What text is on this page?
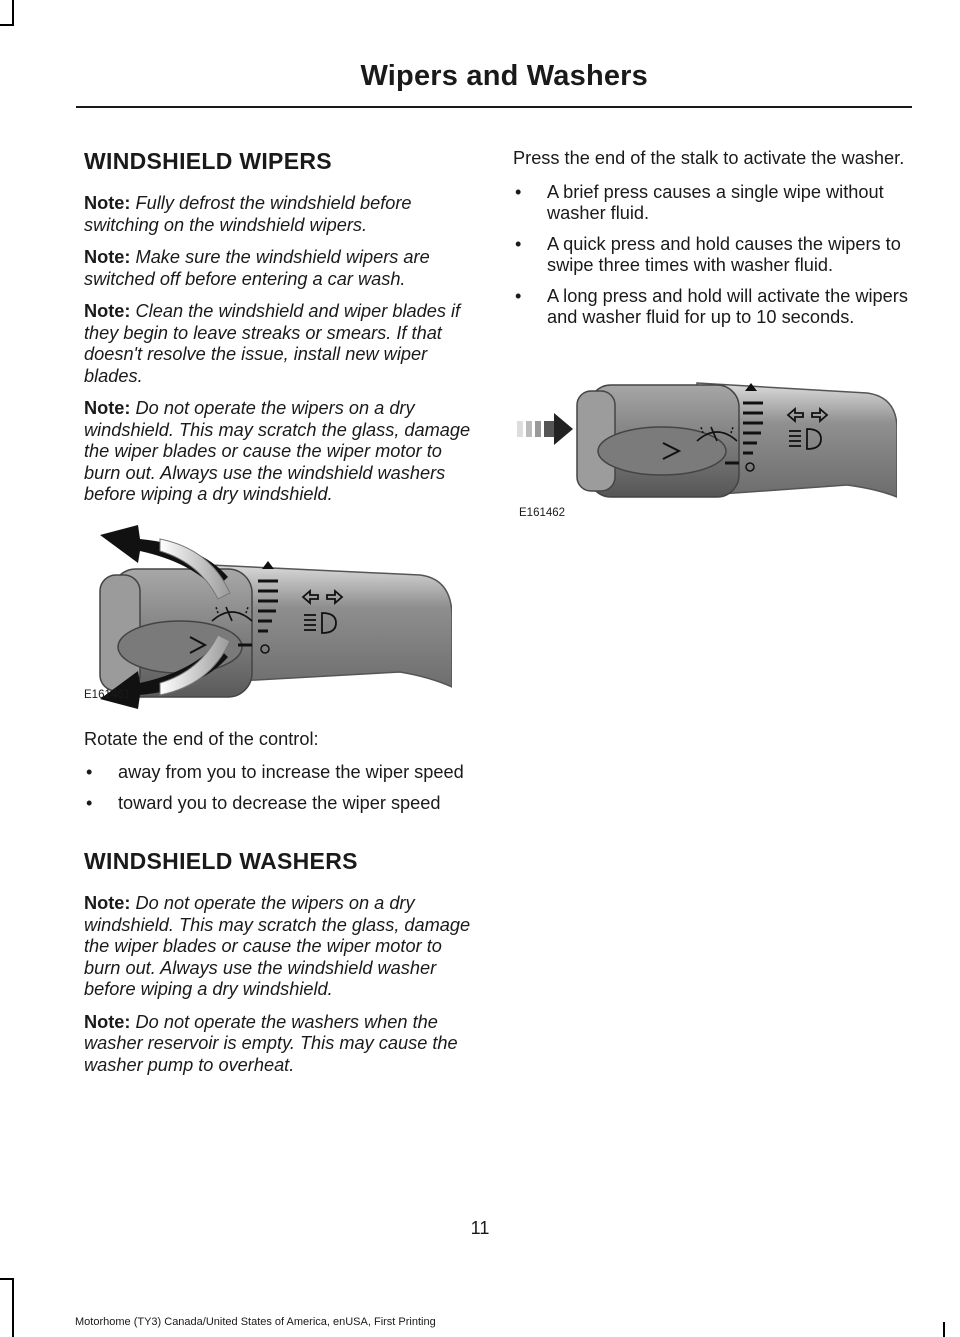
Wipers and Washers
WINDSHIELD WIPERS

Note: Fully defrost the windshield before switching on the windshield wipers.

Note: Make sure the windshield wipers are switched off before entering a car wash.

Note: Clean the windshield and wiper blades if they begin to leave streaks or smears. If that doesn't resolve the issue, install new wiper blades.

Note: Do not operate the wipers on a dry windshield. This may scratch the glass, damage the wiper blades or cause the wiper motor to burn out. Always use the windshield washers before wiping a dry windshield.

E161461

Rotate the end of the control:

• away from you to increase the wiper speed
• toward you to decrease the wiper speed
WINDSHIELD WASHERS

Note: Do not operate the wipers on a dry windshield. This may scratch the glass, damage the wiper blades or cause the wiper motor to burn out. Always use the windshield washer before wiping a dry windshield.

Note: Do not operate the washers when the washer reservoir is empty. This may cause the washer pump to overheat.

Press the end of the stalk to activate the washer.

• A brief press causes a single wipe without washer fluid.
• A quick press and hold causes the wipers to swipe three times with washer fluid.
• A long press and hold will activate the wipers and washer fluid for up to 10 seconds.
E161462
11
Motorhome (TY3) Canada/United States of America, enUSA, First Printing
